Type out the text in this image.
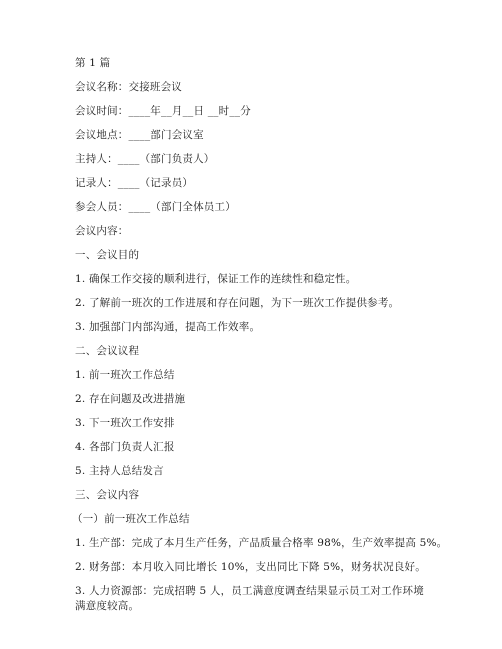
第 1 篇
会议名称：交接班会议
会议时间：____年__月__日 __时__分
会议地点：____部门会议室
主持人：____（部门负责人）
记录人：____（记录员）
参会人员：____（部门全体员工）
会议内容：
一、会议目的
1. 确保工作交接的顺利进行，保证工作的连续性和稳定性。
2. 了解前一班次的工作进展和存在问题，为下一班次工作提供参考。
3. 加强部门内部沟通，提高工作效率。
二、会议议程
1. 前一班次工作总结
2. 存在问题及改进措施
3. 下一班次工作安排
4. 各部门负责人汇报
5. 主持人总结发言
三、会议内容
（一）前一班次工作总结
1. 生产部：完成了本月生产任务，产品质量合格率 98%，生产效率提高 5%。
2. 财务部：本月收入同比增长 10%，支出同比下降 5%，财务状况良好。
3. 人力资源部：完成招聘 5 人，员工满意度调查结果显示员工对工作环境满意度较高。
